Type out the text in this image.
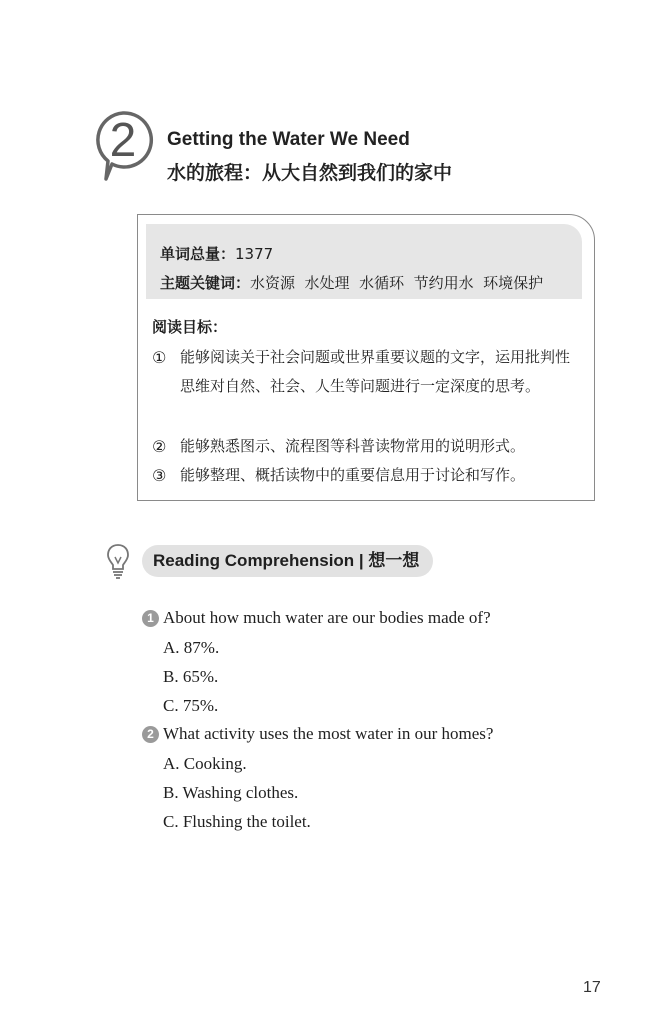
2	Getting the Water We Need
水的旅程：从大自然到我们的家中
单词总量：1377
主题关键词：水资源  水处理  水循环  节约用水  环境保护
阅读目标：
① 能够阅读关于社会问题或世界重要议题的文字，运用批判性思维对自然、社会、人生等问题进行一定深度的思考。
② 能够熟悉图示、流程图等科普读物常用的说明形式。
③ 能够整理、概括读物中的重要信息用于讨论和写作。
Reading Comprehension | 想一想
1 About how much water are our bodies made of?
A. 87%.
B. 65%.
C. 75%.
2 What activity uses the most water in our homes?
A. Cooking.
B. Washing clothes.
C. Flushing the toilet.
17
